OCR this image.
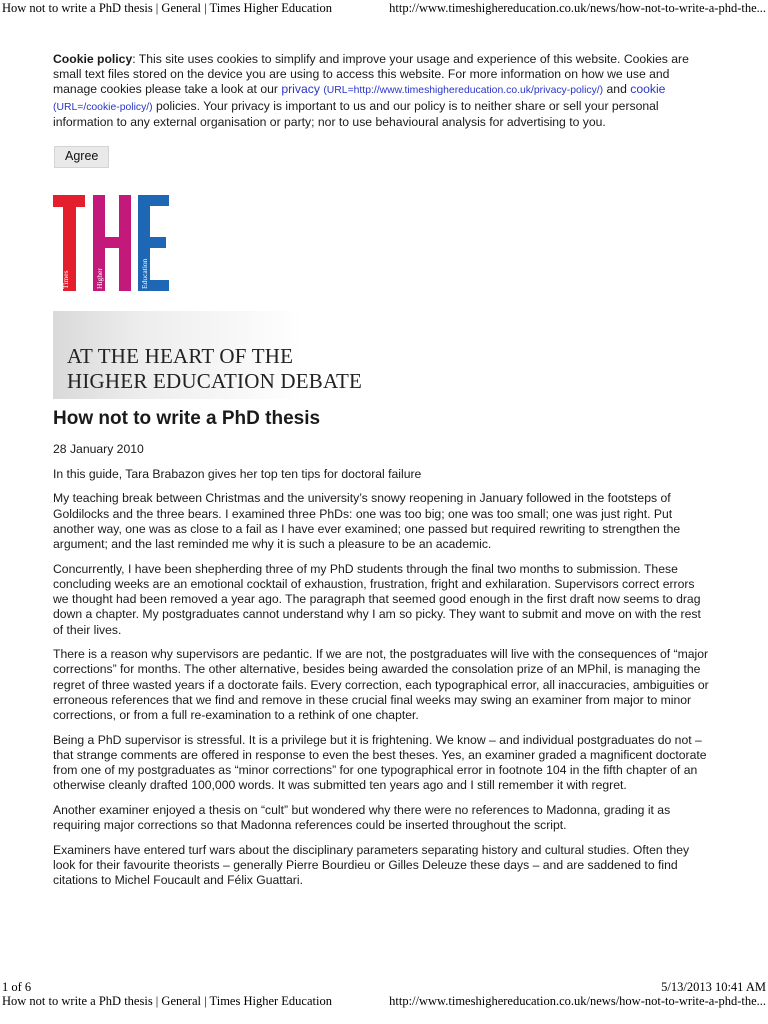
How not to write a PhD thesis | General | Times Higher Education	http://www.timeshighereducation.co.uk/news/how-not-to-write-a-phd-the...

Cookie policy: This site uses cookies to simplify and improve your usage and experience of this website. Cookies are small text files stored on the device you are using to access this website. For more information on how we use and manage cookies please take a look at our privacy (URL=http://www.timeshighereducation.co.uk/privacy-policy/) and cookie
(URL=/cookie-policy/) policies. Your privacy is important to us and our policy is to neither share or sell your personal information to any external organisation or party; nor to use behavioural analysis for advertising to you.

Agree
Times	Higher	Education
AT THE HEART OF THE
HIGHER EDUCATION DEBATE
How not to write a PhD thesis

28 January 2010

In this guide, Tara Brabazon gives her top ten tips for doctoral failure

My teaching break between Christmas and the university’s snowy reopening in January followed in the footsteps of Goldilocks and the three bears. I examined three PhDs: one was too big; one was too small; one was just right. Put another way, one was as close to a fail as I have ever examined; one passed but required rewriting to strengthen the argument; and the last reminded me why it is such a pleasure to be an academic.

Concurrently, I have been shepherding three of my PhD students through the final two months to submission. These concluding weeks are an emotional cocktail of exhaustion, frustration, fright and exhilaration. Supervisors correct errors we thought had been removed a year ago. The paragraph that seemed good enough in the first draft now seems to drag down a chapter. My postgraduates cannot understand why I am so picky. They want to submit and move on with the rest of their lives.

There is a reason why supervisors are pedantic. If we are not, the postgraduates will live with the consequences of “major corrections” for months. The other alternative, besides being awarded the consolation prize of an MPhil, is managing the regret of three wasted years if a doctorate fails. Every correction, each typographical error, all inaccuracies, ambiguities or erroneous references that we find and remove in these crucial final weeks may swing an examiner from major to minor corrections, or from a full re-examination to a rethink of one chapter.

Being a PhD supervisor is stressful. It is a privilege but it is frightening. We know – and individual postgraduates do not – that strange comments are offered in response to even the best theses. Yes, an examiner graded a magnificent doctorate from one of my postgraduates as “minor corrections” for one typographical error in footnote 104 in the fifth chapter of an otherwise cleanly drafted 100,000 words. It was submitted ten years ago and I still remember it with regret.

Another examiner enjoyed a thesis on “cult” but wondered why there were no references to Madonna, grading it as requiring major corrections so that Madonna references could be inserted throughout the script.

Examiners have entered turf wars about the disciplinary parameters separating history and cultural studies. Often they look for their favourite theorists – generally Pierre Bourdieu or Gilles Deleuze these days – and are saddened to find citations to Michel Foucault and Félix Guattari.

1 of 6	5/13/2013 10:41 AM
How not to write a PhD thesis | General | Times Higher Education	http://www.timeshighereducation.co.uk/news/how-not-to-write-a-phd-the...
